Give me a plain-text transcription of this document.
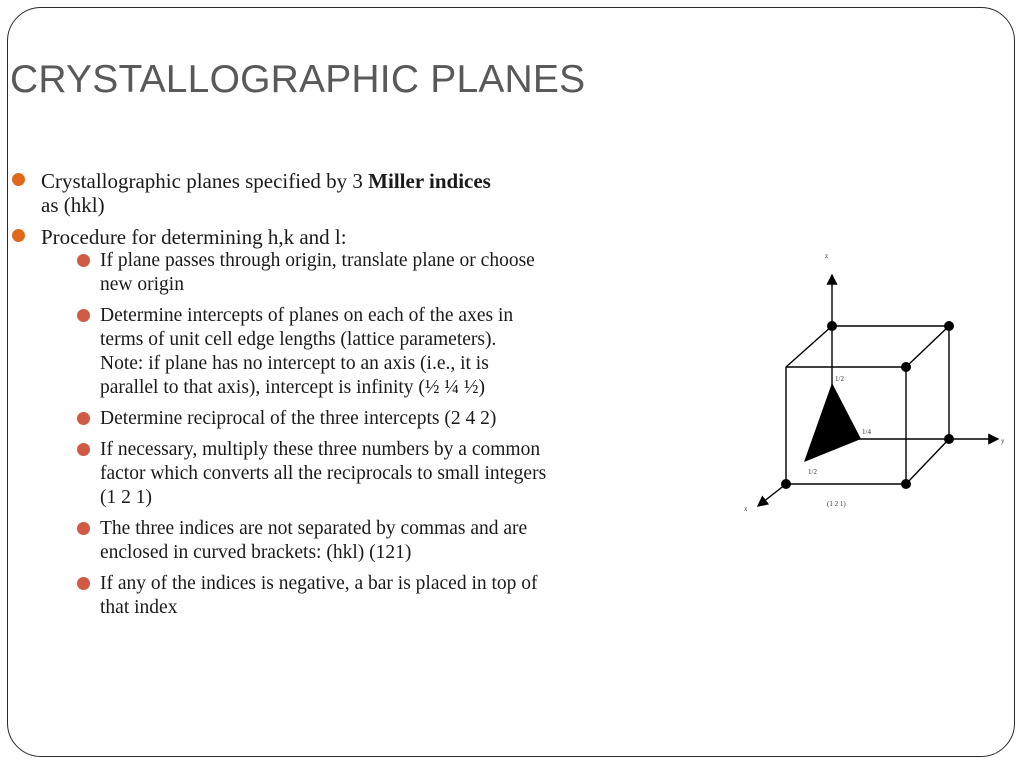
CRYSTALLOGRAPHIC PLANES
Crystallographic planes specified by 3 Miller indices
as (hkl)
Procedure for determining h,k and l:
If plane passes through origin, translate plane or choose
new origin
Determine intercepts of planes on each of the axes in
terms of unit cell edge lengths (lattice parameters).
Note: if plane has no intercept to an axis (i.e., it is
parallel to that axis), intercept is infinity (½ ¼ ½)
Determine reciprocal of the three intercepts (2 4 2)
If necessary, multiply these three numbers by a common
factor which converts all the reciprocals to small integers
(1 2 1)
The three indices are not separated by commas and are
enclosed in curved brackets: (hkl) (121)
If any of the indices is negative, a bar is placed in top of
that index
z
y
x
1/2
1/4
1/2
(1 2 1)
